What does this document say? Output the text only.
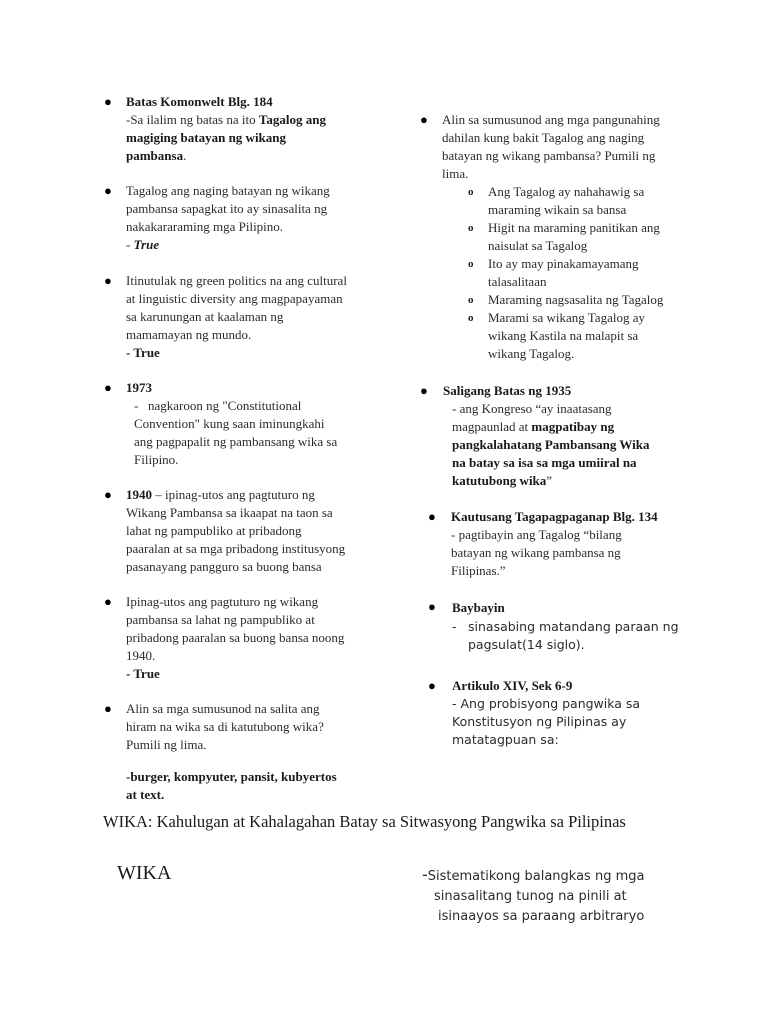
● Batas Komonwelt Blg. 184
-Sa ilalim ng batas na ito Tagalog ang
magiging batayan ng wikang
pambansa.
● Tagalog ang naging batayan ng wikang
pambansa sapagkat ito ay sinasalita ng
nakakararaming mga Pilipino.
- True
● Itinutulak ng green politics na ang cultural
at linguistic diversity ang magpapayaman
sa karunungan at kaalaman ng
mamamayan ng mundo.
- True
● 1973
- nagkaroon ng "Constitutional
Convention" kung saan iminungkahi
ang pagpapalit ng pambansang wika sa
Filipino.
● 1940 – ipinag-utos ang pagtuturo ng
Wikang Pambansa sa ikaapat na taon sa
lahat ng pampubliko at pribadong
paaralan at sa mga pribadong institusyong
pasanayang pangguro sa buong bansa
● Ipinag-utos ang pagtuturo ng wikang
pambansa sa lahat ng pampubliko at
pribadong paaralan sa buong bansa noong
1940.
- True
● Alin sa mga sumusunod na salita ang
hiram na wika sa di katutubong wika?
Pumili ng lima.
-burger, kompyuter, pansit, kubyertos
at text.
● Alin sa sumusunod ang mga pangunahing
dahilan kung bakit Tagalog ang naging
batayan ng wikang pambansa? Pumili ng
lima.
o Ang Tagalog ay nahahawig sa
maraming wikain sa bansa
o Higit na maraming panitikan ang
naisulat sa Tagalog
o Ito ay may pinakamayamang
talasalitaan
o Maraming nagsasalita ng Tagalog
o Marami sa wikang Tagalog ay
wikang Kastila na malapit sa
wikang Tagalog.
● Saligang Batas ng 1935
- ang Kongreso “ay inaatasang
magpaunlad at magpatibay ng
pangkalahatang Pambansang Wika
na batay sa isa sa mga umiiral na
katutubong wika”
● Kautusang Tagapagpaganap Blg. 134
- pagtibayin ang Tagalog “bilang
batayan ng wikang pambansa ng
Filipinas.”
● Baybayin
- sinasabing matandang paraan ng
pagsulat(14 siglo).
● Artikulo XIV, Sek 6-9
- Ang probisyong pangwika sa
Konstitusyon ng Pilipinas ay
matatagpuan sa:
WIKA: Kahulugan at Kahalagahan Batay sa Sitwasyong Pangwika sa Pilipinas
WIKA	-Sistematikong balangkas ng mga
sinasalitang tunog na pinili at
isinaayos sa paraang arbitraryo
